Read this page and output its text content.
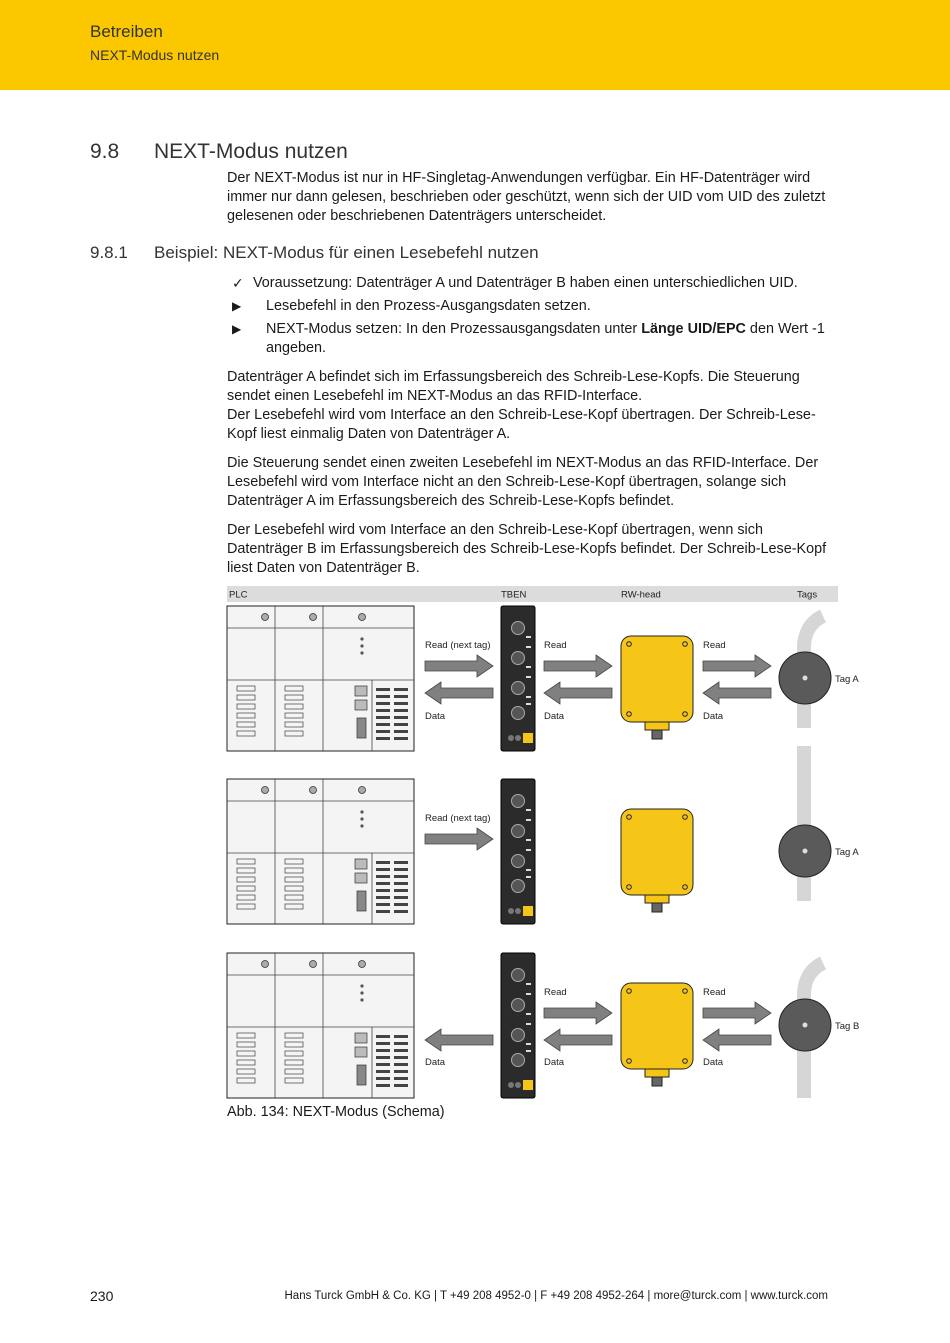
Betreiben
NEXT-Modus nutzen
9.8 NEXT-Modus nutzen

Der NEXT-Modus ist nur in HF-Singletag-Anwendungen verfügbar. Ein HF-Datenträger wird immer nur dann gelesen, beschrieben oder geschützt, wenn sich der UID vom UID des zuletzt gelesenen oder beschriebenen Datenträgers unterscheidet.

9.8.1 Beispiel: NEXT-Modus für einen Lesebefehl nutzen
✓ Voraussetzung: Datenträger A und Datenträger B haben einen unterschiedlichen UID.
▶ Lesebefehl in den Prozess-Ausgangsdaten setzen.
▶ NEXT-Modus setzen: In den Prozessausgangsdaten unter Länge UID/EPC den Wert -1 angeben.
Datenträger A befindet sich im Erfassungsbereich des Schreib-Lese-Kopfs. Die Steuerung sendet einen Lesebefehl im NEXT-Modus an das RFID-Interface.
Der Lesebefehl wird vom Interface an den Schreib-Lese-Kopf übertragen. Der Schreib-Lese-Kopf liest einmalig Daten von Datenträger A.

Die Steuerung sendet einen zweiten Lesebefehl im NEXT-Modus an das RFID-Interface. Der Lesebefehl wird vom Interface nicht an den Schreib-Lese-Kopf übertragen, solange sich Datenträger A im Erfassungsbereich des Schreib-Lese-Kopfs befindet.

Der Lesebefehl wird vom Interface an den Schreib-Lese-Kopf übertragen, wenn sich Datenträger B im Erfassungsbereich des Schreib-Lese-Kopfs befindet. Der Schreib-Lese-Kopf liest Daten von Datenträger B.

PLC	TBEN	RW-head	Tags
Tag A
Read (next tag)
Data
Read
Data
Read
Data
Tag A
Read (next tag)
Tag B
Data
Read
Data
Read
Data
Abb. 134: NEXT-Modus (Schema)
230	Hans Turck GmbH & Co. KG | T +49 208 4952-0 | F +49 208 4952-264 | more@turck.com | www.turck.com
